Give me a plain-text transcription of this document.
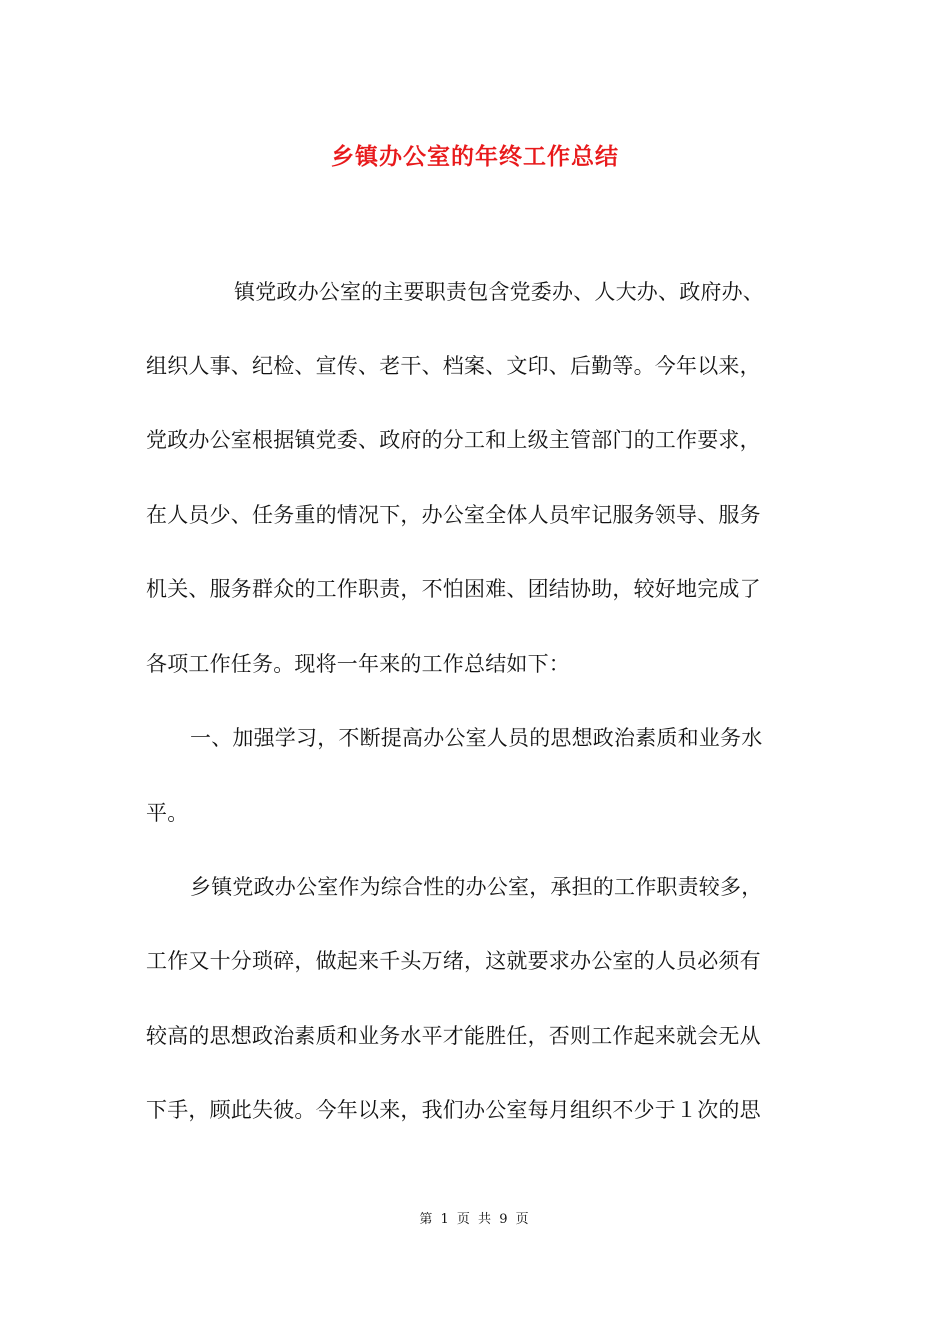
乡镇办公室的年终工作总结

镇党政办公室的主要职责包含党委办、人大办、政府办、

组织人事、纪检、宣传、老干、档案、文印、后勤等。今年以来，

党政办公室根据镇党委、政府的分工和上级主管部门的工作要求，

在人员少、任务重的情况下，办公室全体人员牢记服务领导、服务

机关、服务群众的工作职责，不怕困难、团结协助，较好地完成了

各项工作任务。现将一年来的工作总结如下：

一、加强学习，不断提高办公室人员的思想政治素质和业务水

平。

乡镇党政办公室作为综合性的办公室，承担的工作职责较多，

工作又十分琐碎，做起来千头万绪，这就要求办公室的人员必须有

较高的思想政治素质和业务水平才能胜任，否则工作起来就会无从

下手，顾此失彼。今年以来，我们办公室每月组织不少于１次的思

第 1 页 共 9 页
